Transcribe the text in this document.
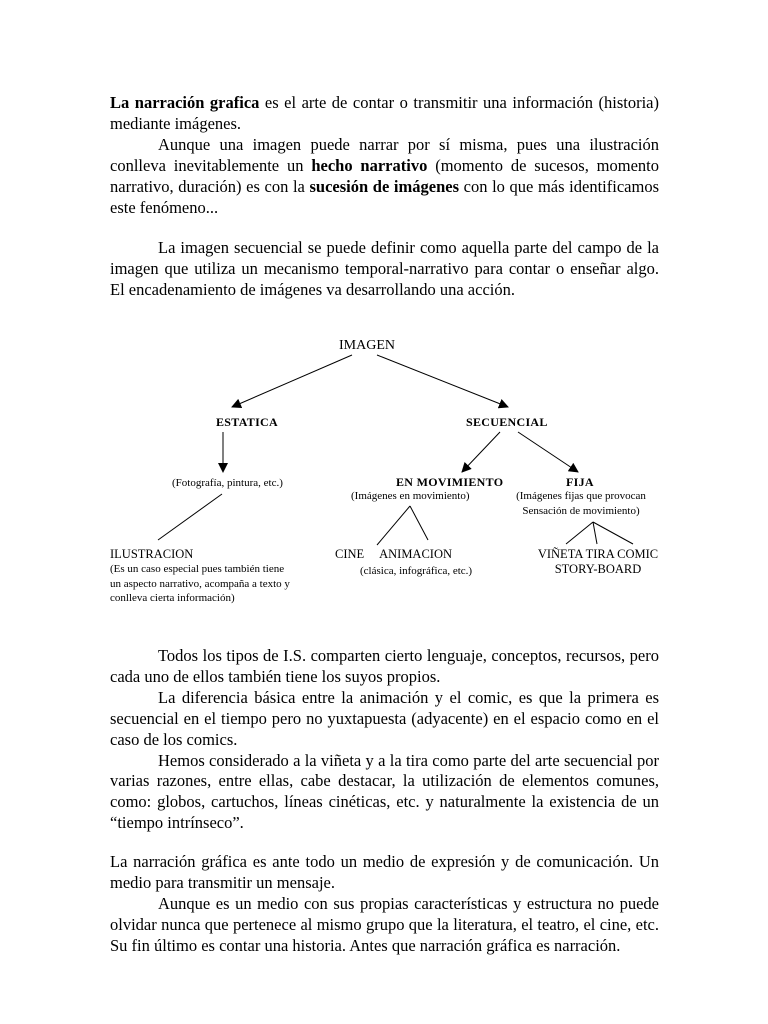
La narración grafica es el arte de contar o transmitir una información (historia) mediante imágenes.

Aunque una imagen puede narrar por sí misma, pues una ilustración conlleva inevitablemente un hecho narrativo (momento de sucesos, momento narrativo, duración) es con la sucesión de imágenes con lo que más identificamos este fenómeno...

La imagen secuencial se puede definir como aquella parte del campo de la imagen que utiliza un mecanismo temporal-narrativo para contar o enseñar algo. El encadenamiento de imágenes va desarrollando una acción.

IMAGEN
ESTATICA	SECUENCIAL
(Fotografía, pintura, etc.)	EN MOVIMIENTO
(Imágenes en movimiento)
FIJA
(Imágenes fijas que provocan
Sensación de movimiento)
ILUSTRACION
(Es un caso especial pues también tiene
un aspecto narrativo, acompaña a texto y
conlleva cierta información)
CINE     ANIMACION
(clásica, infográfica, etc.)
VIÑETA TIRA COMIC
STORY-BOARD

Todos los tipos de I.S. comparten cierto lenguaje, conceptos, recursos, pero cada uno de ellos también tiene los suyos propios.

La diferencia básica entre la animación y el comic, es que la primera es secuencial en el tiempo pero no yuxtapuesta (adyacente) en el espacio como en el caso de los comics.

Hemos considerado a la viñeta y a la tira como parte del arte secuencial por varias razones, entre ellas, cabe destacar, la utilización de elementos comunes, como: globos, cartuchos, líneas cinéticas, etc. y naturalmente la existencia de un “tiempo intrínseco”.

La narración gráfica es ante todo un medio de expresión y de comunicación. Un medio para transmitir un mensaje.

Aunque es un medio con sus propias características y estructura no puede olvidar nunca que pertenece al mismo grupo que la literatura, el teatro, el cine, etc. Su fin último es contar una historia. Antes que narración gráfica es narración.
